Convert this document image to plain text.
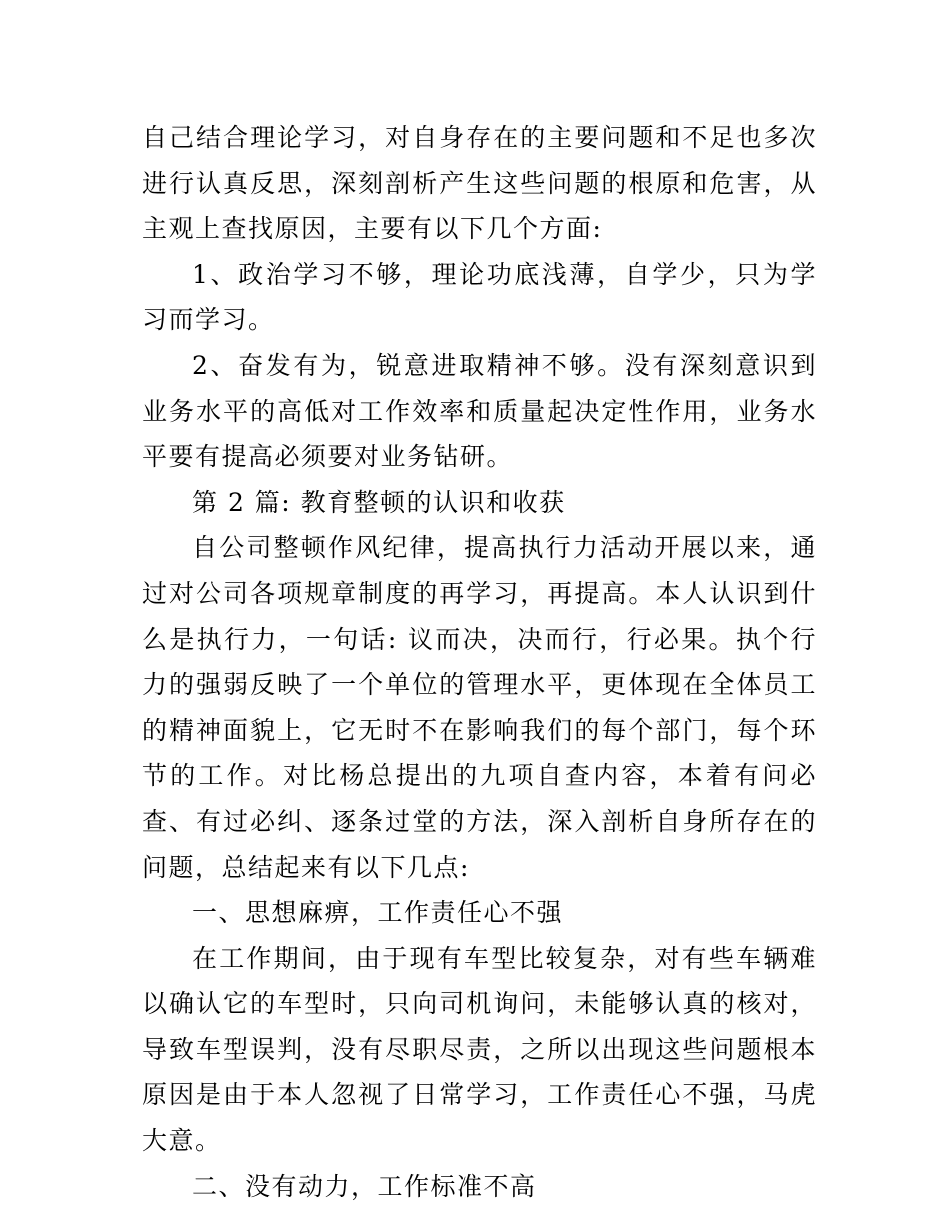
自己结合理论学习，对自身存在的主要问题和不足也多次进行认真反思，深刻剖析产生这些问题的根原和危害，从主观上查找原因，主要有以下几个方面:

1、政治学习不够，理论功底浅薄，自学少，只为学习而学习。

2、奋发有为，锐意进取精神不够。没有深刻意识到业务水平的高低对工作效率和质量起决定性作用，业务水平要有提高必须要对业务钻研。

第 2 篇: 教育整顿的认识和收获

自公司整顿作风纪律，提高执行力活动开展以来，通过对公司各项规章制度的再学习，再提高。本人认识到什么是执行力，一句话: 议而决，决而行，行必果。执个行力的强弱反映了一个单位的管理水平，更体现在全体员工的精神面貌上，它无时不在影响我们的每个部门，每个环节的工作。对比杨总提出的九项自查内容，本着有问必查、有过必纠、逐条过堂的方法，深入剖析自身所存在的问题，总结起来有以下几点:

一、思想麻痹，工作责任心不强

在工作期间，由于现有车型比较复杂，对有些车辆难以确认它的车型时，只向司机询问，未能够认真的核对，导致车型误判，没有尽职尽责，之所以出现这些问题根本原因是由于本人忽视了日常学习，工作责任心不强，马虎大意。

二、没有动力，工作标准不高
